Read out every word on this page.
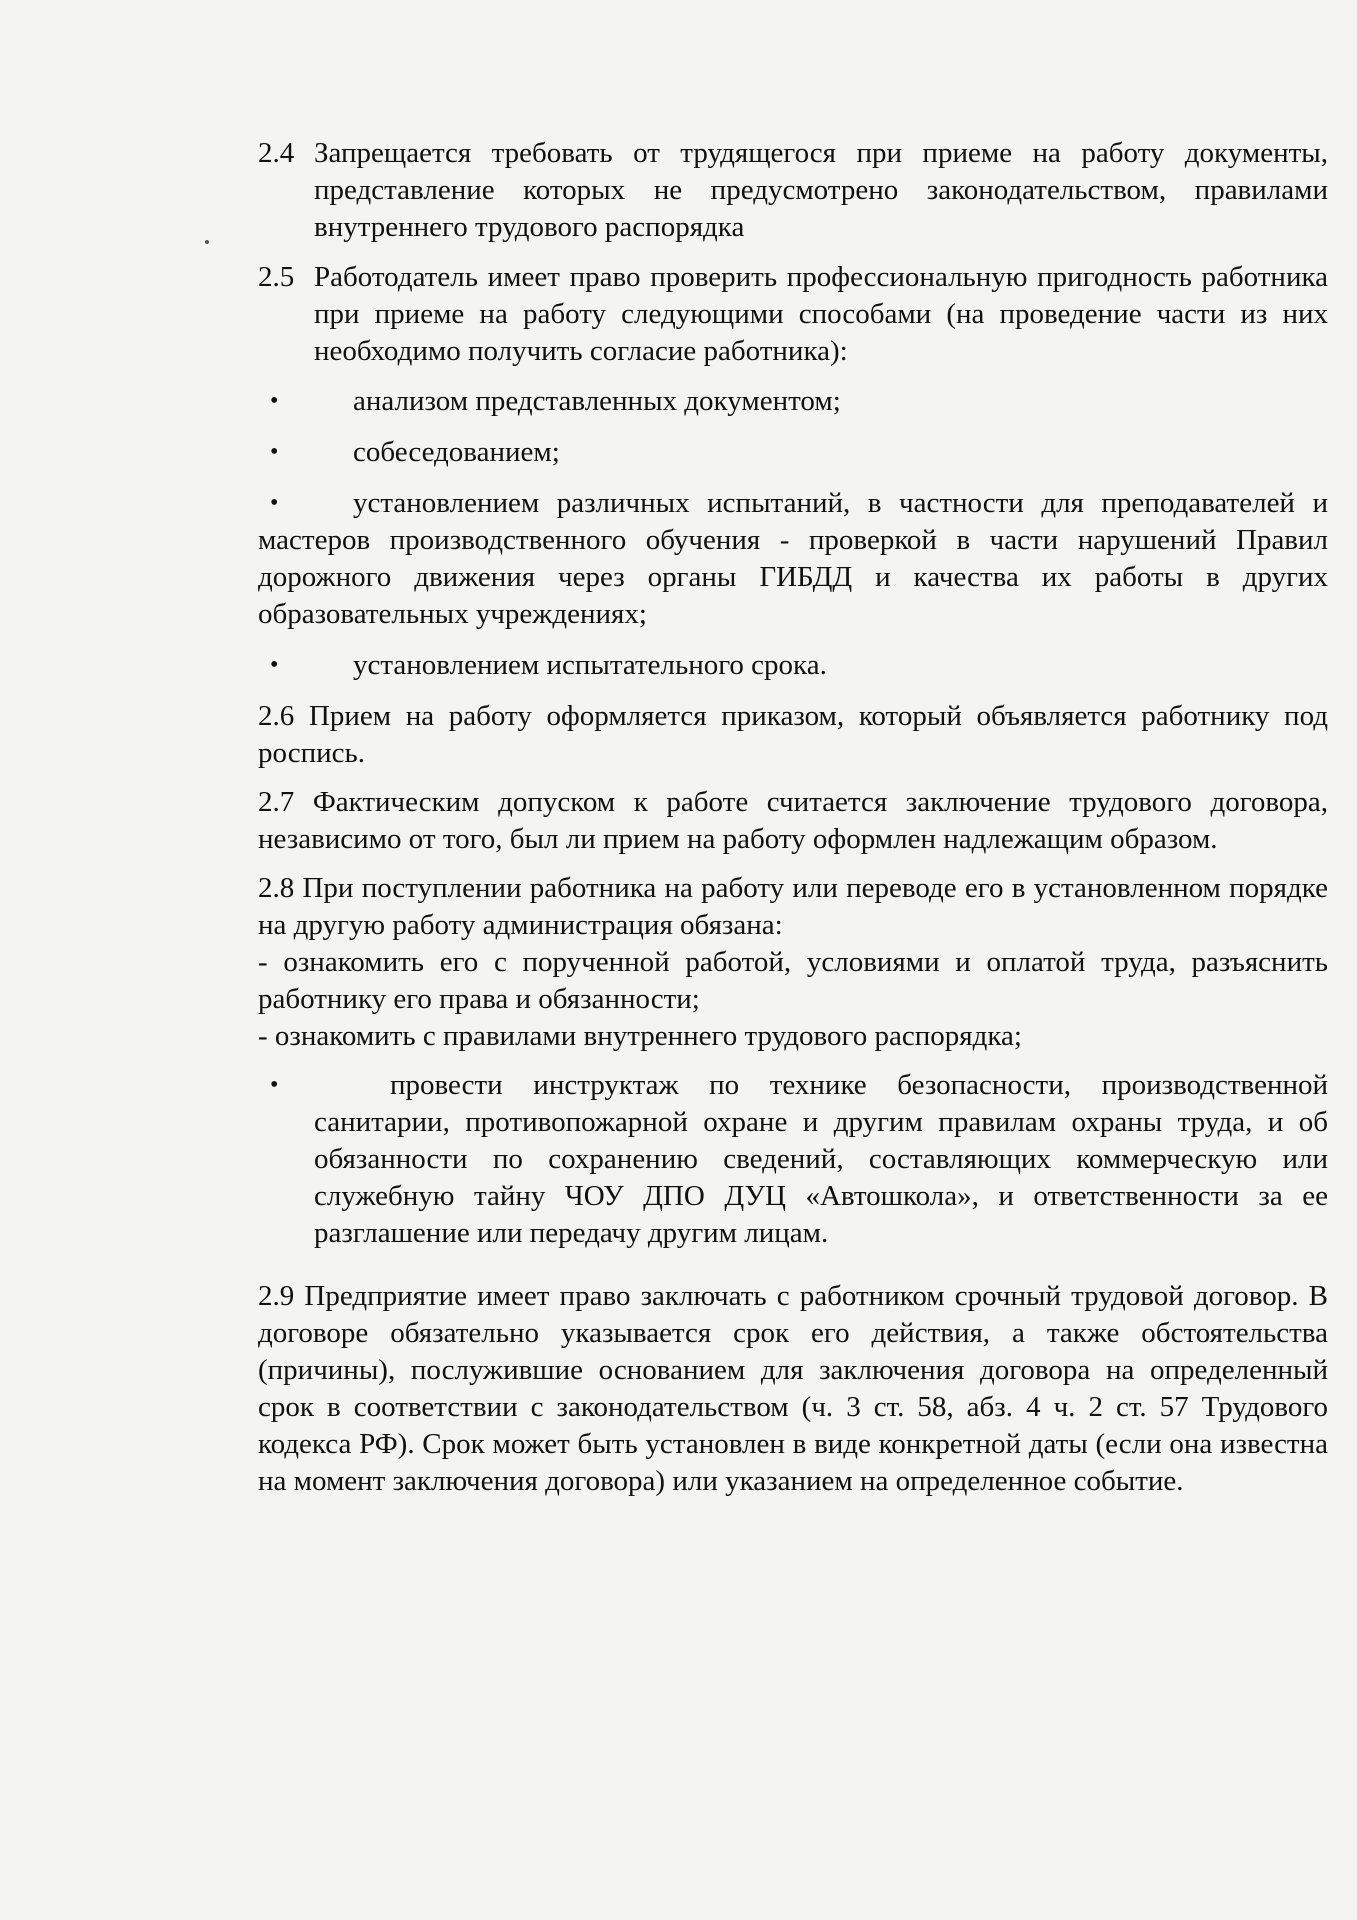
2.4 Запрещается требовать от трудящегося при приеме на работу документы, представление которых не предусмотрено законодательством, правилами внутреннего трудового распорядка

2.5 Работодатель имеет право проверить профессиональную пригодность работника при приеме на работу следующими способами (на проведение части из них необходимо получить согласие работника):

анализом представленных документом;

собеседованием;

установлением различных испытаний, в частности для преподавателей и мастеров производственного обучения - проверкой в части нарушений Правил дорожного движения через органы ГИБДД и качества их работы в других образовательных учреждениях;

установлением испытательного срока.

2.6 Прием на работу оформляется приказом, который объявляется работнику под роспись.

2.7 Фактическим допуском к работе считается заключение трудового договора, независимо от того, был ли прием на работу оформлен надлежащим образом.

2.8 При поступлении работника на работу или переводе его в установленном порядке на другую работу администрация обязана:

- ознакомить его с порученной работой, условиями и оплатой труда, разъяснить работнику его права и обязанности;

- ознакомить с правилами внутреннего трудового распорядка;

провести инструктаж по технике безопасности, производственной санитарии, противопожарной охране и другим правилам охраны труда, и об обязанности по сохранению сведений, составляющих коммерческую или служебную тайну ЧОУ ДПО ДУЦ «Автошкола», и ответственности за ее разглашение или передачу другим лицам.

2.9 Предприятие имеет право заключать с работником срочный трудовой договор. В договоре обязательно указывается срок его действия, а также обстоятельства (причины), послужившие основанием для заключения договора на определенный срок в соответствии с законодательством (ч. 3 ст. 58, абз. 4 ч. 2 ст. 57 Трудового кодекса РФ). Срок может быть установлен в виде конкретной даты (если она известна на момент заключения договора) или указанием на определенное событие.
